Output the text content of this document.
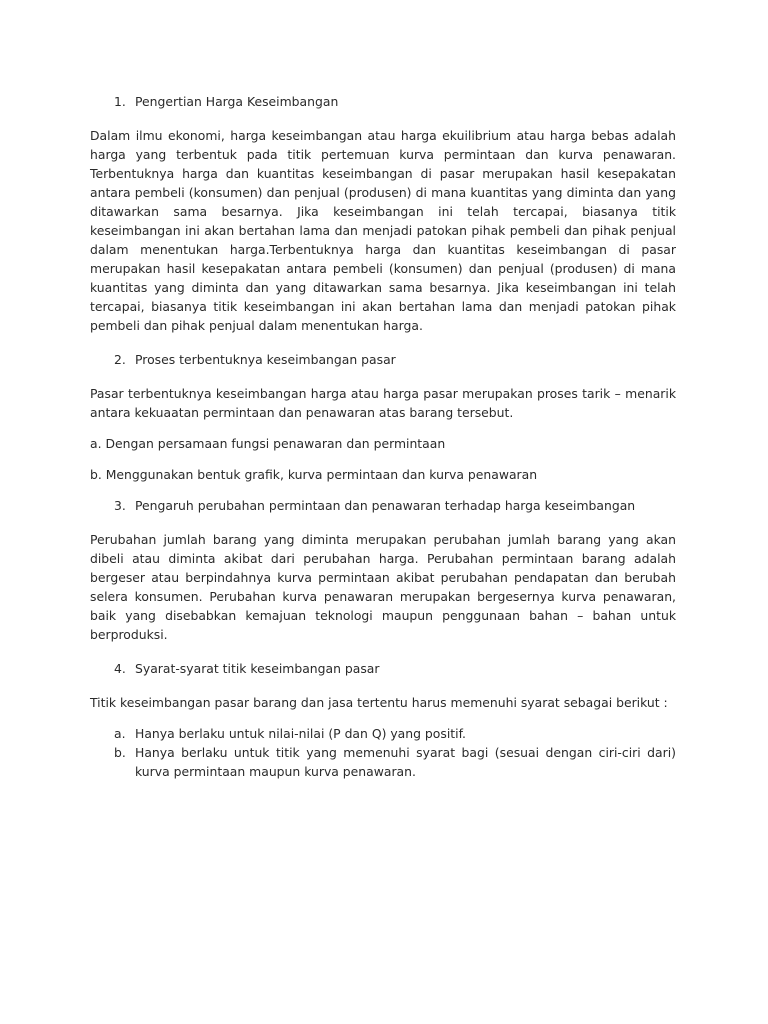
1. Pengertian Harga Keseimbangan
Dalam ilmu ekonomi, harga keseimbangan atau harga ekuilibrium atau harga bebas adalah harga yang terbentuk pada titik pertemuan kurva permintaan dan kurva penawaran. Terbentuknya harga dan kuantitas keseimbangan di pasar merupakan hasil kesepakatan antara pembeli (konsumen) dan penjual (produsen) di mana kuantitas yang diminta dan yang ditawarkan sama besarnya. Jika keseimbangan ini telah tercapai, biasanya titik keseimbangan ini akan bertahan lama dan menjadi patokan pihak pembeli dan pihak penjual dalam menentukan harga.Terbentuknya harga dan kuantitas keseimbangan di pasar merupakan hasil kesepakatan antara pembeli (konsumen) dan penjual (produsen) di mana kuantitas yang diminta dan yang ditawarkan sama besarnya. Jika keseimbangan ini telah tercapai, biasanya titik keseimbangan ini akan bertahan lama dan menjadi patokan pihak pembeli dan pihak penjual dalam menentukan harga.
2. Proses terbentuknya keseimbangan pasar
Pasar terbentuknya keseimbangan harga atau harga pasar merupakan proses tarik – menarik antara kekuaatan permintaan dan penawaran atas barang tersebut.
a. Dengan persamaan fungsi penawaran dan permintaan
b. Menggunakan bentuk grafik, kurva permintaan dan kurva penawaran
3. Pengaruh perubahan permintaan dan penawaran terhadap harga keseimbangan
Perubahan jumlah barang yang diminta merupakan perubahan jumlah barang yang akan dibeli atau diminta akibat dari perubahan harga. Perubahan permintaan barang adalah bergeser atau berpindahnya kurva permintaan akibat perubahan pendapatan dan berubah selera konsumen. Perubahan kurva penawaran merupakan bergesernya kurva penawaran, baik yang disebabkan kemajuan teknologi maupun penggunaan bahan – bahan untuk berproduksi.
4. Syarat-syarat titik keseimbangan pasar
Titik keseimbangan pasar barang dan jasa tertentu harus memenuhi syarat sebagai berikut :
a. Hanya berlaku untuk nilai-nilai (P dan Q) yang positif.
b. Hanya berlaku untuk titik yang memenuhi syarat bagi (sesuai dengan ciri-ciri dari) kurva permintaan maupun kurva penawaran.
